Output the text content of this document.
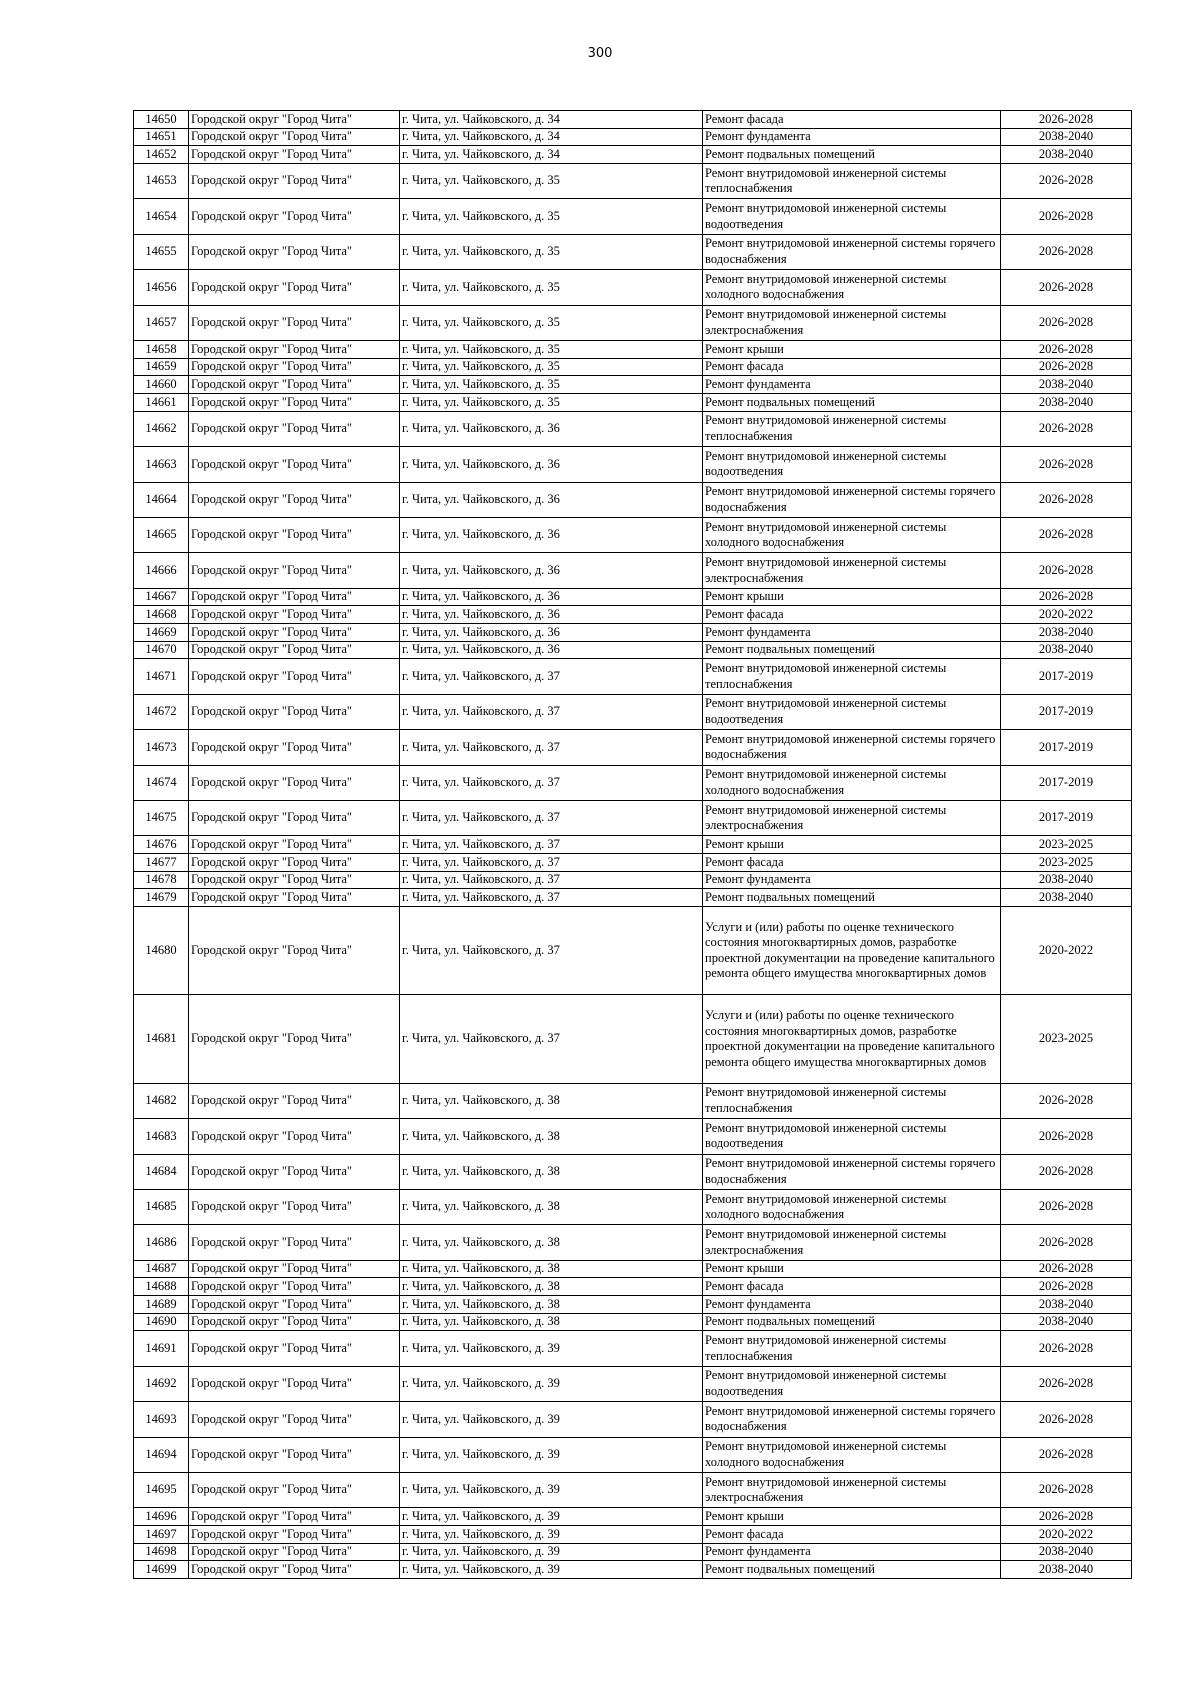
300
14650	Городской округ "Город Чита"	г. Чита, ул. Чайковского, д. 34	Ремонт фасада	2026-2028
14651	Городской округ "Город Чита"	г. Чита, ул. Чайковского, д. 34	Ремонт фундамента	2038-2040
14652	Городской округ "Город Чита"	г. Чита, ул. Чайковского, д. 34	Ремонт подвальных помещений	2038-2040
14653	Городской округ "Город Чита"	г. Чита, ул. Чайковского, д. 35	Ремонт внутридомовой инженерной системы теплоснабжения	2026-2028
14654	Городской округ "Город Чита"	г. Чита, ул. Чайковского, д. 35	Ремонт внутридомовой инженерной системы водоотведения	2026-2028
14655	Городской округ "Город Чита"	г. Чита, ул. Чайковского, д. 35	Ремонт внутридомовой инженерной системы горячего водоснабжения	2026-2028
14656	Городской округ "Город Чита"	г. Чита, ул. Чайковского, д. 35	Ремонт внутридомовой инженерной системы холодного водоснабжения	2026-2028
14657	Городской округ "Город Чита"	г. Чита, ул. Чайковского, д. 35	Ремонт внутридомовой инженерной системы электроснабжения	2026-2028
14658	Городской округ "Город Чита"	г. Чита, ул. Чайковского, д. 35	Ремонт крыши	2026-2028
14659	Городской округ "Город Чита"	г. Чита, ул. Чайковского, д. 35	Ремонт фасада	2026-2028
14660	Городской округ "Город Чита"	г. Чита, ул. Чайковского, д. 35	Ремонт фундамента	2038-2040
14661	Городской округ "Город Чита"	г. Чита, ул. Чайковского, д. 35	Ремонт подвальных помещений	2038-2040
14662	Городской округ "Город Чита"	г. Чита, ул. Чайковского, д. 36	Ремонт внутридомовой инженерной системы теплоснабжения	2026-2028
14663	Городской округ "Город Чита"	г. Чита, ул. Чайковского, д. 36	Ремонт внутридомовой инженерной системы водоотведения	2026-2028
14664	Городской округ "Город Чита"	г. Чита, ул. Чайковского, д. 36	Ремонт внутридомовой инженерной системы горячего водоснабжения	2026-2028
14665	Городской округ "Город Чита"	г. Чита, ул. Чайковского, д. 36	Ремонт внутридомовой инженерной системы холодного водоснабжения	2026-2028
14666	Городской округ "Город Чита"	г. Чита, ул. Чайковского, д. 36	Ремонт внутридомовой инженерной системы электроснабжения	2026-2028
14667	Городской округ "Город Чита"	г. Чита, ул. Чайковского, д. 36	Ремонт крыши	2026-2028
14668	Городской округ "Город Чита"	г. Чита, ул. Чайковского, д. 36	Ремонт фасада	2020-2022
14669	Городской округ "Город Чита"	г. Чита, ул. Чайковского, д. 36	Ремонт фундамента	2038-2040
14670	Городской округ "Город Чита"	г. Чита, ул. Чайковского, д. 36	Ремонт подвальных помещений	2038-2040
14671	Городской округ "Город Чита"	г. Чита, ул. Чайковского, д. 37	Ремонт внутридомовой инженерной системы теплоснабжения	2017-2019
14672	Городской округ "Город Чита"	г. Чита, ул. Чайковского, д. 37	Ремонт внутридомовой инженерной системы водоотведения	2017-2019
14673	Городской округ "Город Чита"	г. Чита, ул. Чайковского, д. 37	Ремонт внутридомовой инженерной системы горячего водоснабжения	2017-2019
14674	Городской округ "Город Чита"	г. Чита, ул. Чайковского, д. 37	Ремонт внутридомовой инженерной системы холодного водоснабжения	2017-2019
14675	Городской округ "Город Чита"	г. Чита, ул. Чайковского, д. 37	Ремонт внутридомовой инженерной системы электроснабжения	2017-2019
14676	Городской округ "Город Чита"	г. Чита, ул. Чайковского, д. 37	Ремонт крыши	2023-2025
14677	Городской округ "Город Чита"	г. Чита, ул. Чайковского, д. 37	Ремонт фасада	2023-2025
14678	Городской округ "Город Чита"	г. Чита, ул. Чайковского, д. 37	Ремонт фундамента	2038-2040
14679	Городской округ "Город Чита"	г. Чита, ул. Чайковского, д. 37	Ремонт подвальных помещений	2038-2040
14680	Городской округ "Город Чита"	г. Чита, ул. Чайковского, д. 37	Услуги и (или) работы по оценке технического состояния многоквартирных домов, разработке проектной документации на проведение капитального ремонта общего имущества многоквартирных домов	2020-2022
14681	Городской округ "Город Чита"	г. Чита, ул. Чайковского, д. 37	Услуги и (или) работы по оценке технического состояния многоквартирных домов, разработке проектной документации на проведение капитального ремонта общего имущества многоквартирных домов	2023-2025
14682	Городской округ "Город Чита"	г. Чита, ул. Чайковского, д. 38	Ремонт внутридомовой инженерной системы теплоснабжения	2026-2028
14683	Городской округ "Город Чита"	г. Чита, ул. Чайковского, д. 38	Ремонт внутридомовой инженерной системы водоотведения	2026-2028
14684	Городской округ "Город Чита"	г. Чита, ул. Чайковского, д. 38	Ремонт внутридомовой инженерной системы горячего водоснабжения	2026-2028
14685	Городской округ "Город Чита"	г. Чита, ул. Чайковского, д. 38	Ремонт внутридомовой инженерной системы холодного водоснабжения	2026-2028
14686	Городской округ "Город Чита"	г. Чита, ул. Чайковского, д. 38	Ремонт внутридомовой инженерной системы электроснабжения	2026-2028
14687	Городской округ "Город Чита"	г. Чита, ул. Чайковского, д. 38	Ремонт крыши	2026-2028
14688	Городской округ "Город Чита"	г. Чита, ул. Чайковского, д. 38	Ремонт фасада	2026-2028
14689	Городской округ "Город Чита"	г. Чита, ул. Чайковского, д. 38	Ремонт фундамента	2038-2040
14690	Городской округ "Город Чита"	г. Чита, ул. Чайковского, д. 38	Ремонт подвальных помещений	2038-2040
14691	Городской округ "Город Чита"	г. Чита, ул. Чайковского, д. 39	Ремонт внутридомовой инженерной системы теплоснабжения	2026-2028
14692	Городской округ "Город Чита"	г. Чита, ул. Чайковского, д. 39	Ремонт внутридомовой инженерной системы водоотведения	2026-2028
14693	Городской округ "Город Чита"	г. Чита, ул. Чайковского, д. 39	Ремонт внутридомовой инженерной системы горячего водоснабжения	2026-2028
14694	Городской округ "Город Чита"	г. Чита, ул. Чайковского, д. 39	Ремонт внутридомовой инженерной системы холодного водоснабжения	2026-2028
14695	Городской округ "Город Чита"	г. Чита, ул. Чайковского, д. 39	Ремонт внутридомовой инженерной системы электроснабжения	2026-2028
14696	Городской округ "Город Чита"	г. Чита, ул. Чайковского, д. 39	Ремонт крыши	2026-2028
14697	Городской округ "Город Чита"	г. Чита, ул. Чайковского, д. 39	Ремонт фасада	2020-2022
14698	Городской округ "Город Чита"	г. Чита, ул. Чайковского, д. 39	Ремонт фундамента	2038-2040
14699	Городской округ "Город Чита"	г. Чита, ул. Чайковского, д. 39	Ремонт подвальных помещений	2038-2040
